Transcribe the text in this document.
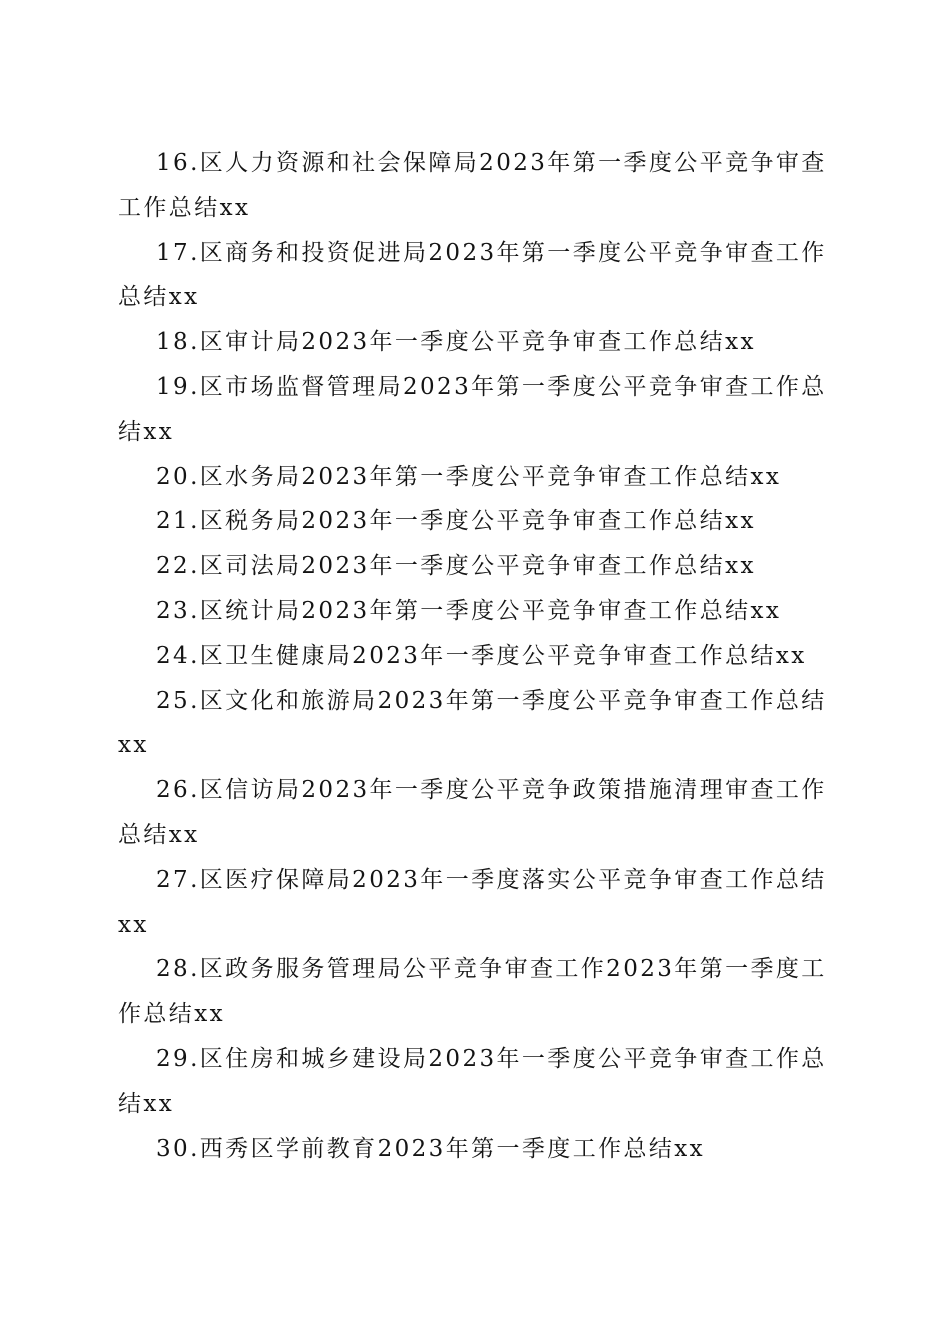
16.区人力资源和社会保障局2023年第一季度公平竞争审查工作总结xx

17.区商务和投资促进局2023年第一季度公平竞争审查工作总结xx

18.区审计局2023年一季度公平竞争审查工作总结xx

19.区市场监督管理局2023年第一季度公平竞争审查工作总结xx

20.区水务局2023年第一季度公平竞争审查工作总结xx

21.区税务局2023年一季度公平竞争审查工作总结xx

22.区司法局2023年一季度公平竞争审查工作总结xx

23.区统计局2023年第一季度公平竞争审查工作总结xx

24.区卫生健康局2023年一季度公平竞争审查工作总结xx

25.区文化和旅游局2023年第一季度公平竞争审查工作总结xx

26.区信访局2023年一季度公平竞争政策措施清理审查工作总结xx

27.区医疗保障局2023年一季度落实公平竞争审查工作总结xx

28.区政务服务管理局公平竞争审查工作2023年第一季度工作总结xx

29.区住房和城乡建设局2023年一季度公平竞争审查工作总结xx

30.西秀区学前教育2023年第一季度工作总结xx
